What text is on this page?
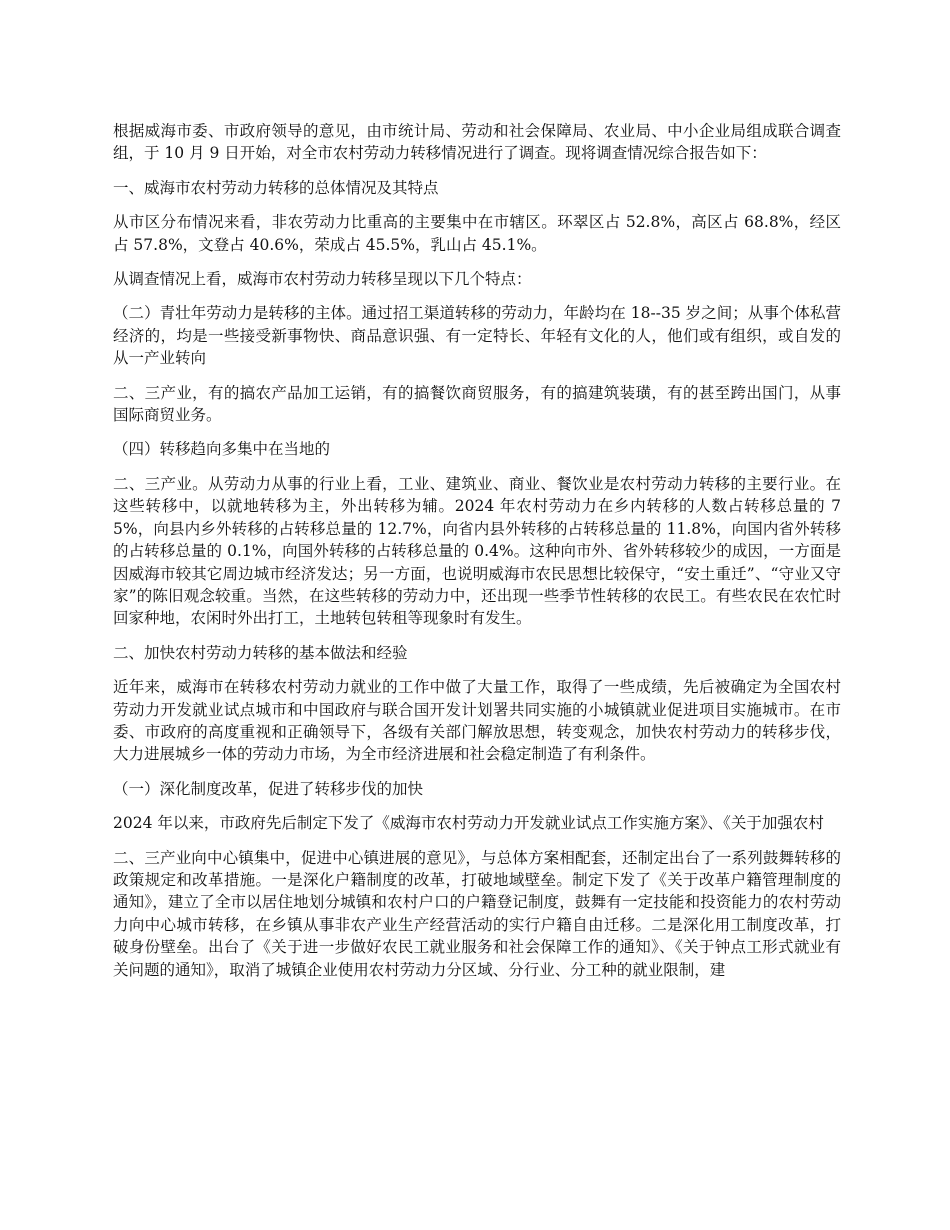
根据威海市委、市政府领导的意见，由市统计局、劳动和社会保障局、农业局、中小企业局组成联合调查组，于 10 月 9 日开始，对全市农村劳动力转移情况进行了调查。现将调查情况综合报告如下：

一、威海市农村劳动力转移的总体情况及其特点

从市区分布情况来看，非农劳动力比重高的主要集中在市辖区。环翠区占 52.8%，高区占 68.8%，经区占 57.8%，文登占 40.6%，荣成占 45.5%，乳山占 45.1%。

从调查情况上看，威海市农村劳动力转移呈现以下几个特点：

（二）青壮年劳动力是转移的主体。通过招工渠道转移的劳动力，年龄均在 18--35 岁之间；从事个体私营经济的，均是一些接受新事物快、商品意识强、有一定特长、年轻有文化的人，他们或有组织，或自发的从一产业转向

二、三产业，有的搞农产品加工运销，有的搞餐饮商贸服务，有的搞建筑装璜，有的甚至跨出国门，从事国际商贸业务。

（四）转移趋向多集中在当地的

二、三产业。从劳动力从事的行业上看，工业、建筑业、商业、餐饮业是农村劳动力转移的主要行业。在这些转移中，以就地转移为主，外出转移为辅。2024 年农村劳动力在乡内转移的人数占转移总量的 75%，向县内乡外转移的占转移总量的 12.7%，向省内县外转移的占转移总量的 11.8%，向国内省外转移的占转移总量的 0.1%，向国外转移的占转移总量的 0.4%。这种向市外、省外转移较少的成因，一方面是因威海市较其它周边城市经济发达；另一方面，也说明威海市农民思想比较保守，“安土重迁”、“守业又守家”的陈旧观念较重。当然，在这些转移的劳动力中，还出现一些季节性转移的农民工。有些农民在农忙时回家种地，农闲时外出打工，土地转包转租等现象时有发生。

二、加快农村劳动力转移的基本做法和经验

近年来，威海市在转移农村劳动力就业的工作中做了大量工作，取得了一些成绩，先后被确定为全国农村劳动力开发就业试点城市和中国政府与联合国开发计划署共同实施的小城镇就业促进项目实施城市。在市委、市政府的高度重视和正确领导下，各级有关部门解放思想，转变观念，加快农村劳动力的转移步伐，大力进展城乡一体的劳动力市场，为全市经济进展和社会稳定制造了有利条件。

（一）深化制度改革，促进了转移步伐的加快

2024 年以来，市政府先后制定下发了《威海市农村劳动力开发就业试点工作实施方案》、《关于加强农村

二、三产业向中心镇集中，促进中心镇进展的意见》，与总体方案相配套，还制定出台了一系列鼓舞转移的政策规定和改革措施。一是深化户籍制度的改革，打破地域壁垒。制定下发了《关于改革户籍管理制度的通知》，建立了全市以居住地划分城镇和农村户口的户籍登记制度，鼓舞有一定技能和投资能力的农村劳动力向中心城市转移，在乡镇从事非农产业生产经营活动的实行户籍自由迁移。二是深化用工制度改革，打破身份壁垒。出台了《关于进一步做好农民工就业服务和社会保障工作的通知》、《关于钟点工形式就业有关问题的通知》，取消了城镇企业使用农村劳动力分区域、分行业、分工种的就业限制，建
